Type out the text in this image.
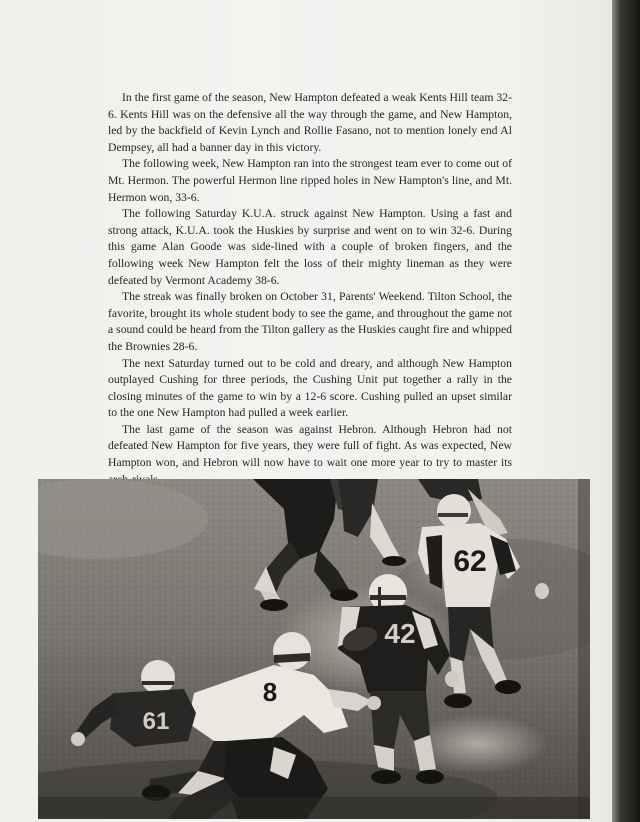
In the first game of the season, New Hampton defeated a weak Kents Hill team 32-6. Kents Hill was on the defensive all the way through the game, and New Hampton, led by the backfield of Kevin Lynch and Rollie Fasano, not to mention lonely end Al Dempsey, all had a banner day in this victory.

The following week, New Hampton ran into the strongest team ever to come out of Mt. Hermon. The powerful Hermon line ripped holes in New Hampton's line, and Mt. Hermon won, 33-6.

The following Saturday K.U.A. struck against New Hampton. Using a fast and strong attack, K.U.A. took the Huskies by surprise and went on to win 32-6. During this game Alan Goode was side-lined with a couple of broken fingers, and the following week New Hampton felt the loss of their mighty lineman as they were defeated by Vermont Academy 38-6.

The streak was finally broken on October 31, Parents' Weekend. Tilton School, the favorite, brought its whole student body to see the game, and throughout the game not a sound could be heard from the Tilton gallery as the Huskies caught fire and whipped the Brownies 28-6.

The next Saturday turned out to be cold and dreary, and although New Hampton outplayed Cushing for three periods, the Cushing Unit put together a rally in the closing minutes of the game to win by a 12-6 score. Cushing pulled an upset similar to the one New Hampton had pulled a week earlier.

The last game of the season was against Hebron. Although Hebron had not defeated New Hampton for five years, they were full of fight. As was expected, New Hampton won, and Hebron will now have to wait one more year to try to master its

62
42
8
61
